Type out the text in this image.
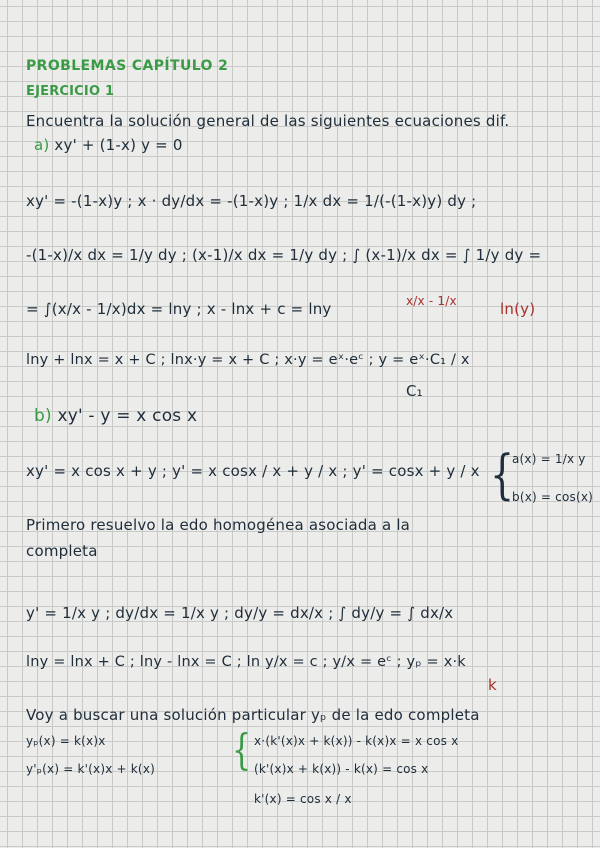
PROBLEMAS CAPÍTULO 2
EJERCICIO 1
Encuentra la solución general de las siguientes ecuaciones dif.
a) xy' + (1-x) y = 0
xy' = -(1-x)y ; x · dy/dx = -(1-x)y ; 1/x dx = 1/(-(1-x)y) dy ;
-(1-x)/x dx = 1/y dy ; (x-1)/x dx = 1/y dy ; ∫ (x-1)/x dx = ∫ 1/y dy =
= ∫(x/x - 1/x)dx = lny ; x - lnx + c = lny	x/x - 1/x	ln(y)
lny + lnx = x + C ; lnx·y = x + C ; x·y = eˣ·eᶜ ; y = eˣ·C₁ / x
C₁
b) xy' - y = x cos x
xy' = x cos x + y ; y' = x cosx / x + y / x ; y' = cosx + y / x {
a(x) = 1/x y
b(x) = cos(x)
Primero resuelvo la edo homogénea asociada a la
completa
y' = 1/x y ; dy/dx = 1/x y ; dy/y = dx/x ; ∫ dy/y = ∫ dx/x
lny = lnx + C ; lny - lnx = C ; ln y/x = c ; y/x = eᶜ ; yₚ = x·k
k
Voy a buscar una solución particular yₚ de la edo completa
yₚ(x) = k(x)x
y'ₚ(x) = k'(x)x + k(x)	{ x·(k'(x)x + k(x)) - k(x)x = x cos x
(k'(x)x + k(x)) - k(x) = cos x
k'(x) = cos x / x
